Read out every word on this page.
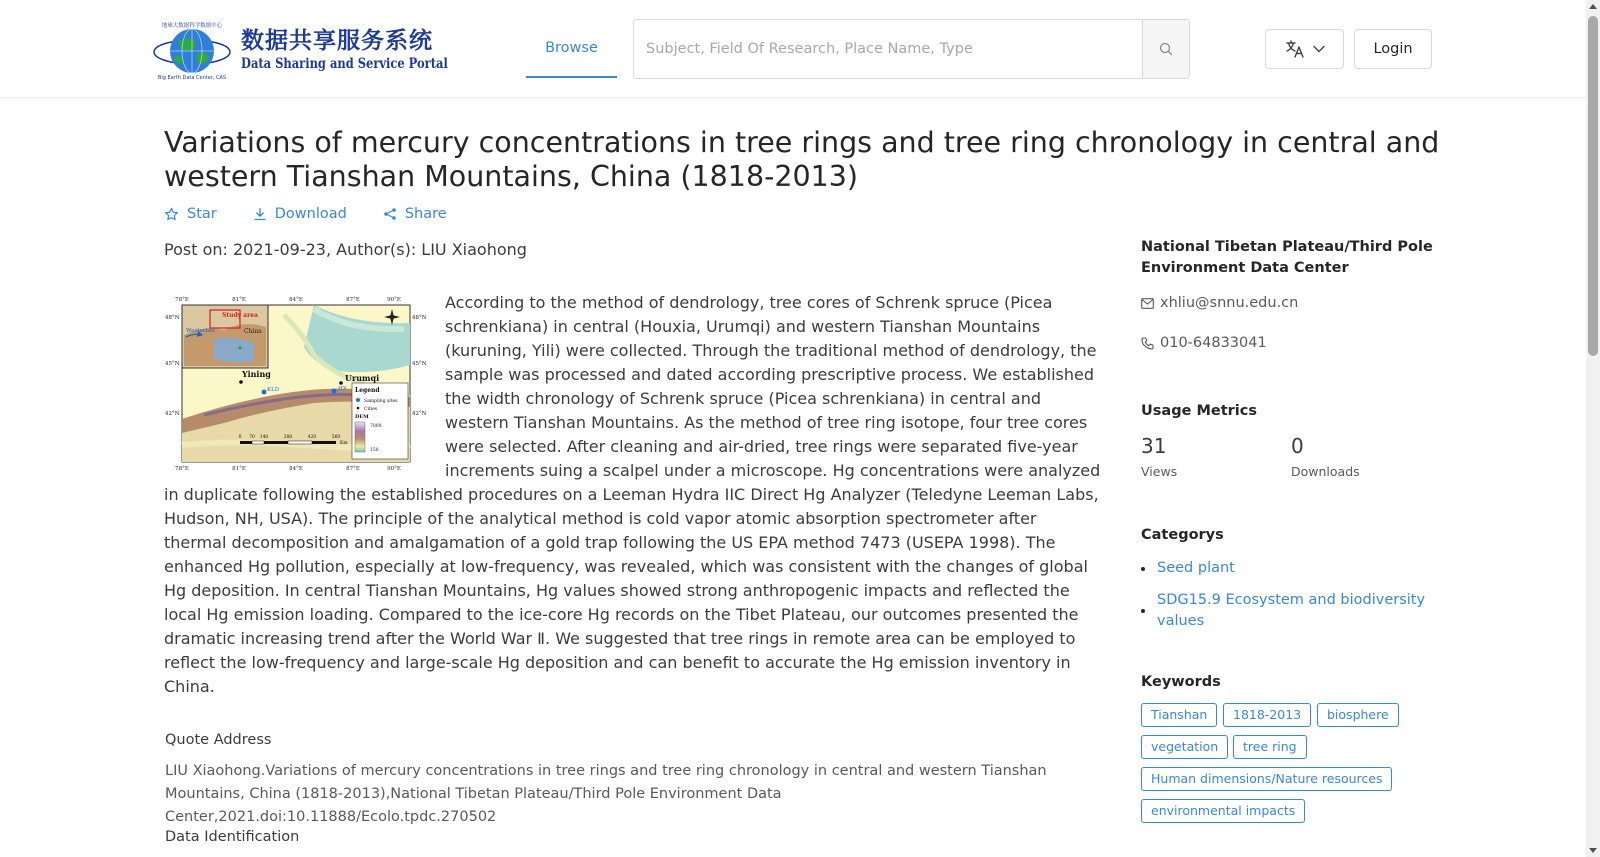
地球大数据科学数据中心
Big Earth Data Center, CAS
数据共享服务系统
Data Sharing and Service Portal
Browse
Subject, Field Of Research, Place Name, Type	Login
Variations of mercury concentrations in tree rings and tree ring chronology in central and western Tianshan Mountains, China (1818-2013)
Star	Download	Share
Post on: 2021-09-23, Author(s): LIU Xiaohong
Study area
Westerlies	China
78°E	81°E	84°E	87°E	90°E
78°E	81°E	84°E	87°E	90°E
48°N
45°N
42°N
48°N
45°N
42°N
Yining	Urumqi
KLD	HX Legend
Sampling sites
Cities
DEM
7000
150
0 70 140	280	420	560
Km
According to the method of dendrology, tree cores of Schrenk spruce (Picea schrenkiana) in central (Houxia, Urumqi) and western Tianshan Mountains (kuruning, Yili) were collected. Through the traditional method of dendrology, the sample was processed and dated according prescriptive process. We established the width chronology of Schrenk spruce (Picea schrenkiana) in central and western Tianshan Mountains. As the method of tree ring isotope, four tree cores were selected. After cleaning and air-dried, tree rings were separated five-year increments suing a scalpel under a microscope. Hg concentrations were analyzed in duplicate following the established procedures on a Leeman Hydra IIC Direct Hg Analyzer (Teledyne Leeman Labs, Hudson, NH, USA). The principle of the analytical method is cold vapor atomic absorption spectrometer after thermal decomposition and amalgamation of a gold trap following the US EPA method 7473 (USEPA 1998). The enhanced Hg pollution, especially at low-frequency, was revealed, which was consistent with the changes of global Hg deposition. In central Tianshan Mountains, Hg values showed strong anthropogenic impacts and reflected the local Hg emission loading. Compared to the ice-core Hg records on the Tibet Plateau, our outcomes presented the dramatic increasing trend after the World War Ⅱ. We suggested that tree rings in remote area can be employed to reflect the low-frequency and large-scale Hg deposition and can benefit to accurate the Hg emission inventory in China.
Quote Address
LIU Xiaohong.Variations of mercury concentrations in tree rings and tree ring chronology in central and western Tianshan Mountains, China (1818-2013),National Tibetan Plateau/Third Pole Environment Data Center,2021.doi:10.11888/Ecolo.tpdc.270502
Data Identification
National Tibetan Plateau/Third Pole Environment Data Center
xhliu@snnu.edu.cn
010-64833041
Usage Metrics
31
Views
0
Downloads
Categorys
Seed plant
SDG15.9 Ecosystem and biodiversity values
Keywords
Tianshan	1818-2013	biosphere
vegetation	tree ring
Human dimensions/Nature resources
environmental impacts
